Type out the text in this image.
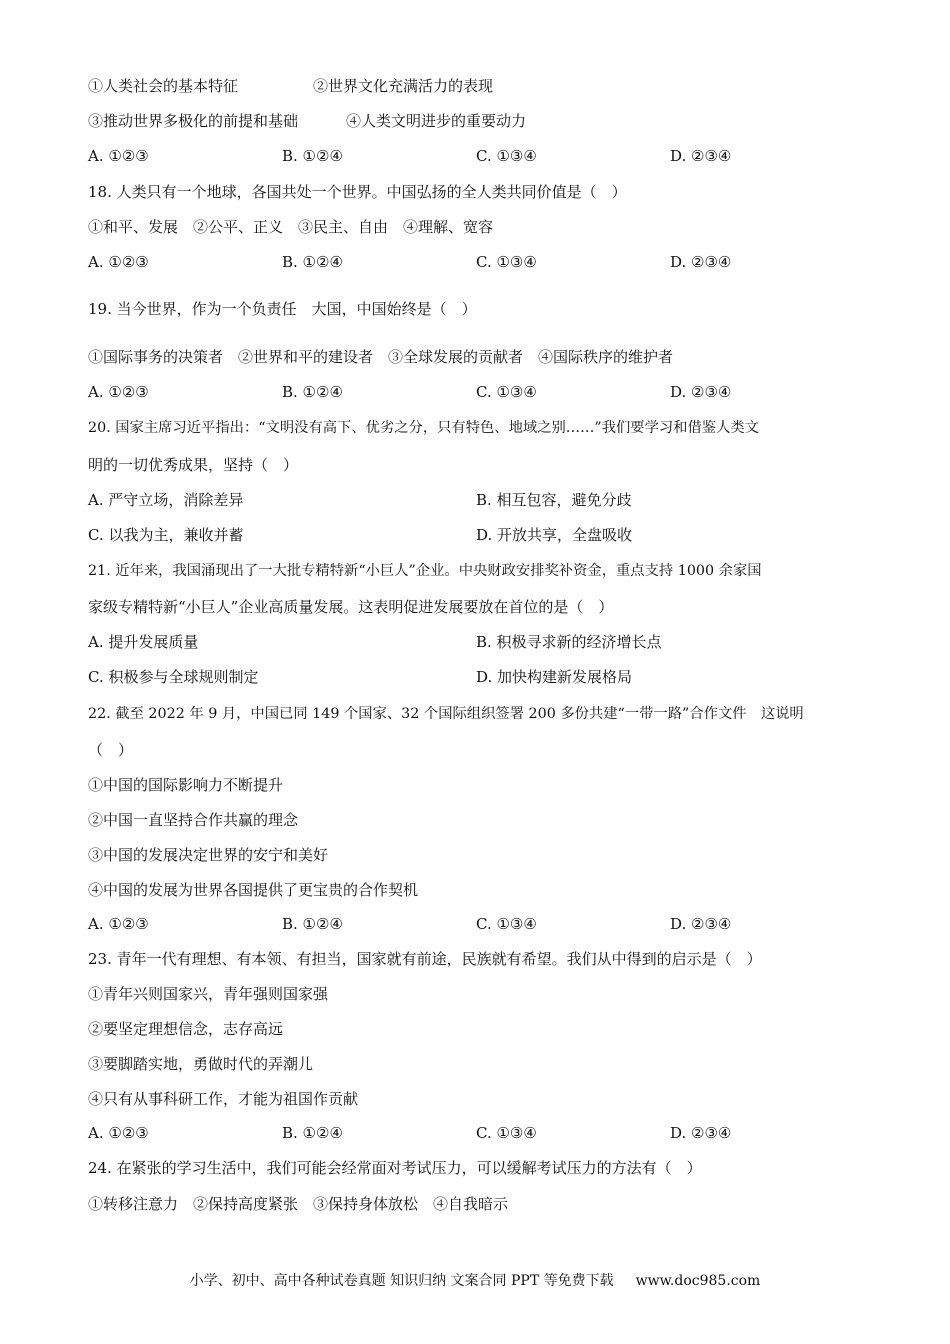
①人类社会的基本特征	②世界文化充满活力的表现
③推动世界多极化的前提和基础	④人类文明进步的重要动力
A. ①②③	B. ①②④	C. ①③④	D. ②③④
18. 人类只有一个地球，各国共处一个世界。中国弘扬的全人类共同价值是（　）
①和平、发展　②公平、正义　③民主、自由　④理解、宽容
A. ①②③	B. ①②④	C. ①③④	D. ②③④
19. 当今世界，作为一个负责任　大国，中国始终是（　）
①国际事务的决策者　②世界和平的建设者　③全球发展的贡献者　④国际秩序的维护者
A. ①②③	B. ①②④	C. ①③④	D. ②③④
20. 国家主席习近平指出：“文明没有高下、优劣之分，只有特色、地域之别……”我们要学习和借鉴人类文
明的一切优秀成果，坚持（　）
A. 严守立场，消除差异	B. 相互包容，避免分歧
C. 以我为主，兼收并蓄	D. 开放共享，全盘吸收
21. 近年来，我国涌现出了一大批专精特新“小巨人”企业。中央财政安排奖补资金，重点支持 1000 余家国
家级专精特新“小巨人”企业高质量发展。这表明促进发展要放在首位的是（　）
A. 提升发展质量	B. 积极寻求新的经济增长点
C. 积极参与全球规则制定	D. 加快构建新发展格局
22. 截至 2022 年 9 月，中国已同 149 个国家、32 个国际组织签署 200 多份共建“一带一路”合作文件　这说明
（　）
①中国的国际影响力不断提升
②中国一直坚持合作共赢的理念
③中国的发展决定世界的安宁和美好
④中国的发展为世界各国提供了更宝贵的合作契机
A. ①②③	B. ①②④	C. ①③④	D. ②③④
23. 青年一代有理想、有本领、有担当，国家就有前途，民族就有希望。我们从中得到的启示是（　）
①青年兴则国家兴，青年强则国家强
②要坚定理想信念，志存高远
③要脚踏实地，勇做时代的弄潮儿
④只有从事科研工作，才能为祖国作贡献
A. ①②③	B. ①②④	C. ①③④	D. ②③④
24. 在紧张的学习生活中，我们可能会经常面对考试压力，可以缓解考试压力的方法有（　）
①转移注意力　②保持高度紧张　③保持身体放松　④自我暗示
小学、初中、高中各种试卷真题 知识归纳 文案合同 PPT 等免费下载 www.doc985.com
